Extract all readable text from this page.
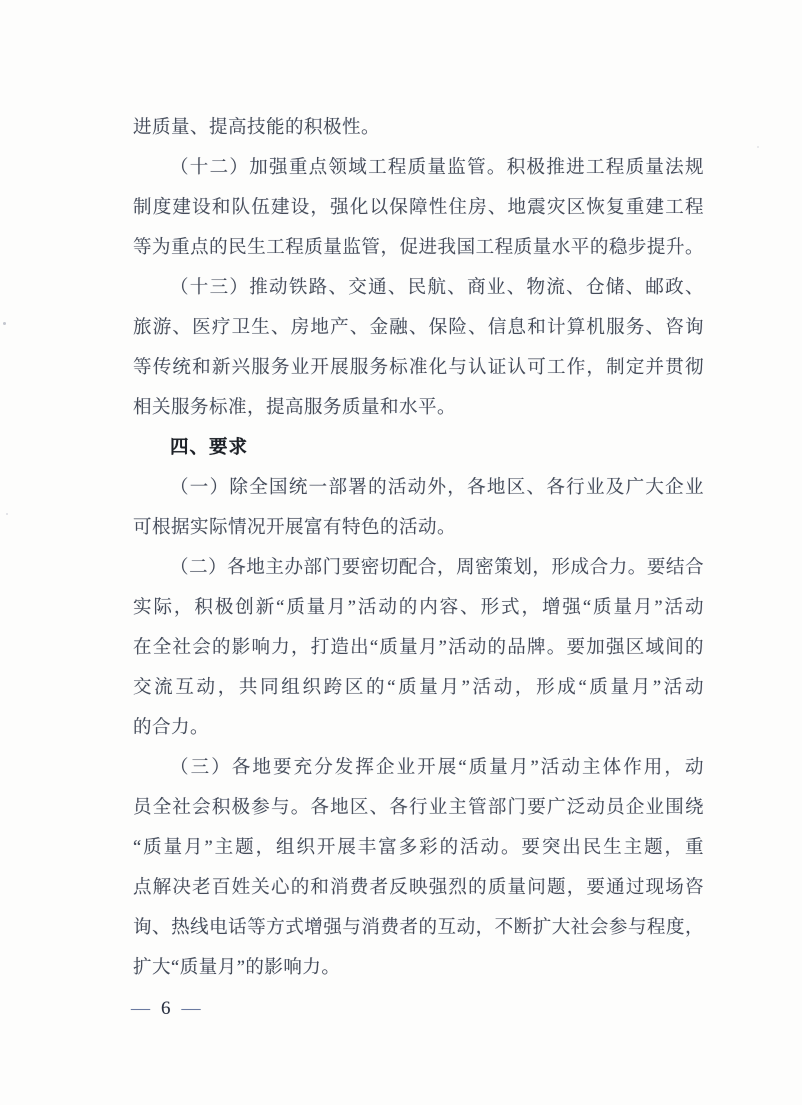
进质量、提高技能的积极性。
（十二）加强重点领域工程质量监管。积极推进工程质量法规
制度建设和队伍建设，强化以保障性住房、地震灾区恢复重建工程
等为重点的民生工程质量监管，促进我国工程质量水平的稳步提升。
（十三）推动铁路、交通、民航、商业、物流、仓储、邮政、
旅游、医疗卫生、房地产、金融、保险、信息和计算机服务、咨询
等传统和新兴服务业开展服务标准化与认证认可工作，制定并贯彻
相关服务标准，提高服务质量和水平。
四、要求
（一）除全国统一部署的活动外，各地区、各行业及广大企业
可根据实际情况开展富有特色的活动。
（二）各地主办部门要密切配合，周密策划，形成合力。要结合
实际，积极创新“质量月”活动的内容、形式，增强“质量月”活动
在全社会的影响力，打造出“质量月”活动的品牌。要加强区域间的
交流互动，共同组织跨区的“质量月”活动，形成“质量月”活动
的合力。
（三）各地要充分发挥企业开展“质量月”活动主体作用，动
员全社会积极参与。各地区、各行业主管部门要广泛动员企业围绕
“质量月”主题，组织开展丰富多彩的活动。要突出民生主题，重
点解决老百姓关心的和消费者反映强烈的质量问题，要通过现场咨
询、热线电话等方式增强与消费者的互动，不断扩大社会参与程度，
扩大“质量月”的影响力。
— 6 —
